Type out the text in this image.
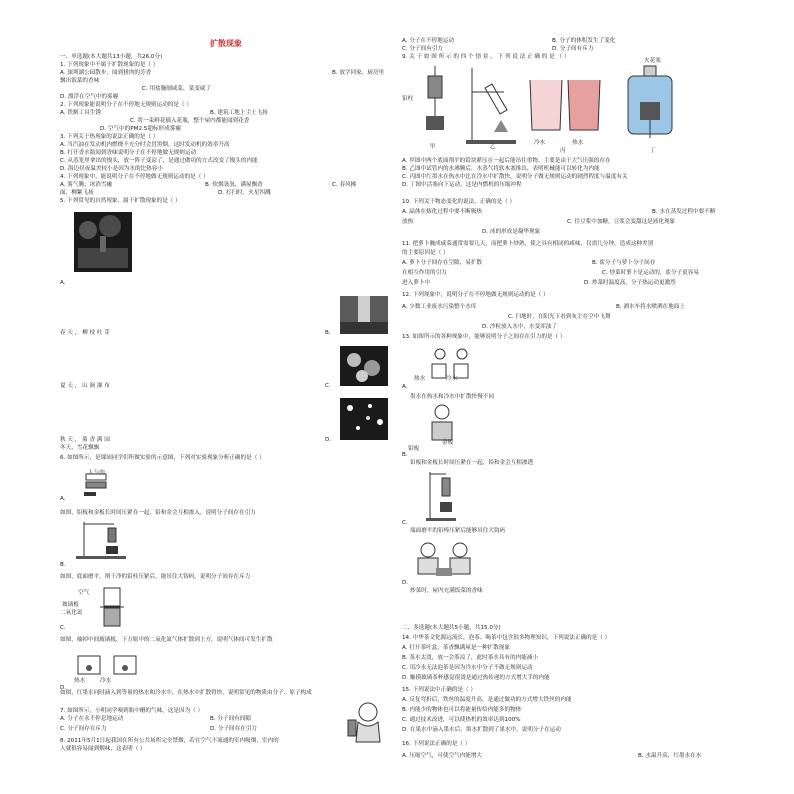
扩散现象
一、单选题(本大题共13小题，共26.0分)
1. 下列现象中不属于扩散现象的是（ ）
A. 深圳湖公园散步，闻到猪肉的芳香	B. 放学回家，厨房里
飘出饭菜的香味
C. 用盐腌制咸菜，菜变咸了
D. 漂浮在空气中的雾霾
2. 下列现象能说明分子在不停地无规则运动的是（ ）
A. 铁制工具生锈	B. 建筑工地上尘土飞扬
C. 将一束鲜花插入花瓶，整个屋内都能闻到花香
D. 空气中的PM2.5超标形成雾霾
3. 下列关于热现象的说法正确的是（ ）
A. 当汽油在发动机内燃烧不充分时会冒黑烟，这时发动机的效率升高
B. 打开香水瓶闻到香味说明分子在不停地做无规则运动
C. 从蒸笼里拿出的馒头，放一阵子变凉了，是通过做功的方式改变了馒头的内能
D. 海边昼夜温差较小是因为水的比热容小
4. 下列现象中，能说明分子在不停地做无规则运动的是（ ）
A. 雾气腾；冰消雪融	B. 炊烟袅袅，满屋飘香	C. 春风拂
面，柳絮飞扬	D. 打扫时，火星四溅
5. 下列常见的自然现象，属于扩散现象的是（ ）
A.
春 天 ， 柳 枝 吐 芽	B.
夏 天 ， 山 涧 瀑 布	C.
秋 天 ， 菊 香 满 园	D.
冬天，雪花飘飘
6. 如图所示，是课间同学们所做实验的示意图，下列对实验现象分析正确的是（ ）
人与肉
A.
如图，铅板和金板长时间压紧在一起，铅和金会互相渗入，说明分子间存在引力
B.
如图，底面磨平，削干净的铅柱压紧后，能吊住大钩码，说明分子间存在斥力
空气
玻璃板
二氧化氮
C.
如图，抽掉中间玻璃板，下方瓶中的二氧化氮气体扩散到上方，说明气体间可发生扩散
热水	冷水
D.
如图，红墨水同时滴入到等量的热水和冷水中，在热水中扩散得快，说明常见的物质由分子、原子构成
7. 如图所示，小明同学嗅到瓶中醋的气味，这是因为（ ）
A. 分子在永不停息地运动	B. 分子间有间隙
C. 分子间存在斥力	D. 分子间存在引力
8. 2011年5月1日起我国在所有公共场所完全禁烟，若在空气不流通的室内吸烟，室内的
人就很容易闻到烟味，这表明（ ）
A. 分子在不停地运动	B. 分子的体积发生了变化
C. 分子间有引力	D. 分子间有斥力
9. 关 于 如 图 所 示 的 四 个 情 景 ， 下 列 说 法 正 确 的 是 （ ）
铅柱
甲	乙
冷水	热水
丙
火花塞
丁
A. 甲图中两个底面削平的铅块紧压在一起后能吊住重物，主要是由于大气压强的存在
B. 乙图中试管内的水沸腾后，水蒸气将软木塞推出，表明机械能可以转化为内能
C. 丙图中红墨水在热水中比在冷水中扩散快，说明分子做无规则运动的剧烈程度与温度有关
D. 丁图中活塞向下运动，这是内燃机的压缩冲程
10. 下列关于物态变化的说法，正确的是（ ）
A. 晶体在熔化过程中要不断吸热	B. 水在蒸发过程中要不断
放热	C. 往豆浆中加糖，豆浆会变甜这是液化现象
D. 冰的形成是凝华现象
11. 把萝卜腌成咸菜通常需要几天，而把萝卜炒熟，使之具有相同的咸味，仅需几分钟，造成这种差别
的主要原因是（ ）
A. 萝卜分子间存在空隙，易扩散	B. 盐分子与萝卜分子间存
在相互作用的引力	C. 炒菜时萝卜是运动的，盐分子更容易
进入萝卜中	D. 炒菜时温度高，分子热运动更激烈
12. 下列现象中，说明分子在不停地做无规则运动的是（ ）
A. 少数工业废水污染整个水库	B. 洒水车将水喷洒在地面上
C. 扫地时，在阳光下看到灰尘在空中飞舞
D. 沙粒放入水中，水变浑浊了
13. 如图所示的各种现象中，能够说明分子之间存在引力的是（ ）
热水	冷水
A.
墨水在热水和冷水中扩散快慢不同
铅板
金板
B.
铅板和金板长时间压紧在一起，铅和金会互相渗透
C.
端面磨平的铅棒压紧后能够吊住大钩码
D.
炒菜时，屋内充满饭菜的香味
二、多选题(本大题共5小题，共15.0分)
14. 中华茶文化源远流长，泡茶、喝茶中包含很多物理知识，下列说法正确的是（ ）
A. 打开茶叶盒，茶香飘满屋是一种扩散现象
B. 茶水太烫，放一会茶凉了，此时茶水具有的内能减小
C. 用冷水无法泡茶是因为冷水中分子不做无规则运动
D. 触摸玻璃茶杯感觉很烫是通过热传递的方式增大手的内能
15. 下列说法中正确的是（ ）
A. 反复弯折后，铁丝的温度升高，是通过做功的方式增大铁丝的内能
B. 内能少的物体也可以将能量传给内能多的物体
C. 通过技术改进，可以使热机的效率达到100%
D. 在果水中滴入墨水后，墨水扩散到了果水中，说明分子在运动
16. 下列说法正确的是（ ）
A. 压缩空气，可使空气内能增大	B. 水温升高，红墨水在水
